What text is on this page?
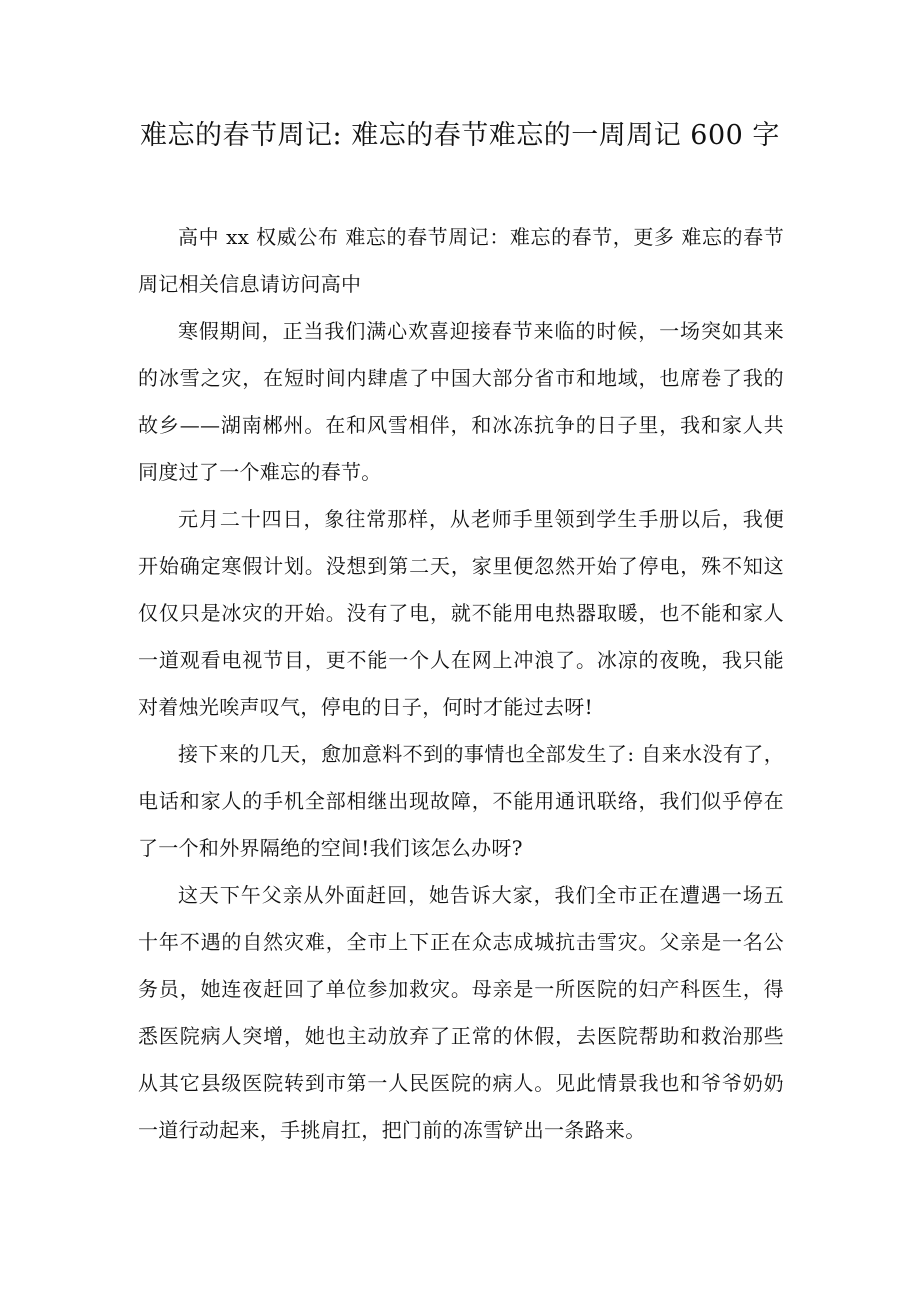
难忘的春节周记: 难忘的春节难忘的一周周记 600 字

高中 xx 权威公布 难忘的春节周记：难忘的春节，更多 难忘的春节周记相关信息请访问高中

寒假期间，正当我们满心欢喜迎接春节来临的时候，一场突如其来的冰雪之灾，在短时间内肆虐了中国大部分省市和地域，也席卷了我的故乡——湖南郴州。在和风雪相伴，和冰冻抗争的日子里，我和家人共同度过了一个难忘的春节。

元月二十四日，象往常那样，从老师手里领到学生手册以后，我便开始确定寒假计划。没想到第二天，家里便忽然开始了停电，殊不知这仅仅只是冰灾的开始。没有了电，就不能用电热器取暖，也不能和家人一道观看电视节目，更不能一个人在网上冲浪了。冰凉的夜晚，我只能对着烛光唉声叹气，停电的日子，何时才能过去呀!

接下来的几天，愈加意料不到的事情也全部发生了: 自来水没有了，电话和家人的手机全部相继出现故障，不能用通讯联络，我们似乎停在了一个和外界隔绝的空间!我们该怎么办呀?

这天下午父亲从外面赶回，她告诉大家，我们全市正在遭遇一场五十年不遇的自然灾难，全市上下正在众志成城抗击雪灾。父亲是一名公务员，她连夜赶回了单位参加救灾。母亲是一所医院的妇产科医生，得悉医院病人突增，她也主动放弃了正常的休假，去医院帮助和救治那些从其它县级医院转到市第一人民医院的病人。见此情景我也和爷爷奶奶一道行动起来，手挑肩扛，把门前的冻雪铲出一条路来。
